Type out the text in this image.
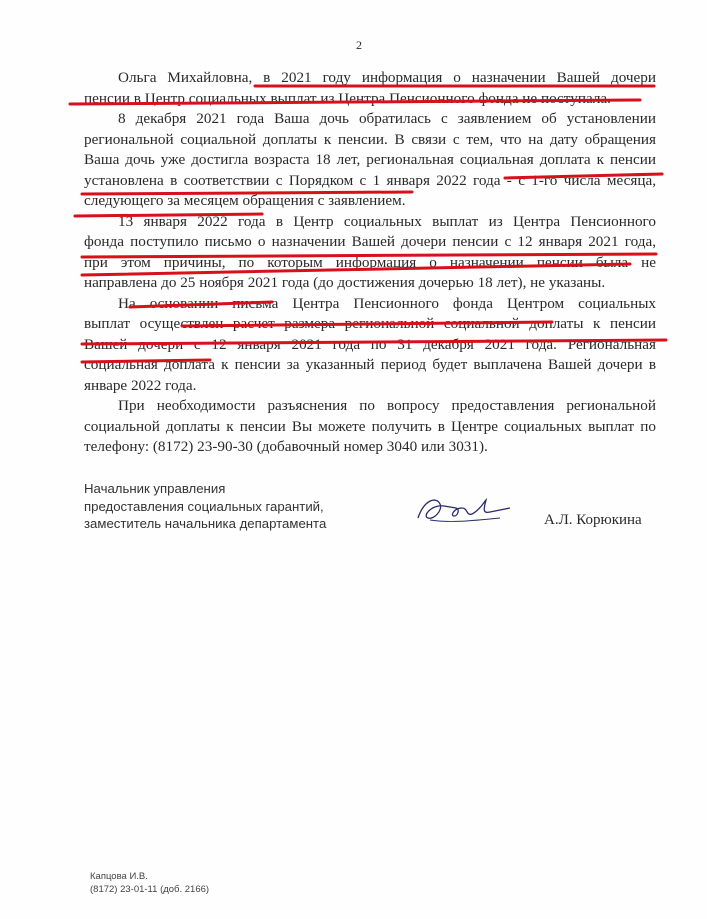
2
Ольга Михайловна, в 2021 году информация о назначении Вашей дочери
пенсии в Центр социальных выплат из Центра Пенсионного фонда не поступала.
8 декабря 2021 года Ваша дочь обратилась с заявлением об установлении
региональной социальной доплаты к пенсии. В связи с тем, что на дату обращения
Ваша дочь уже достигла возраста 18 лет, региональная социальная доплата к пенсии
установлена в соответствии с Порядком с 1 января 2022 года - с 1-го числа месяца,
следующего за месяцем обращения с заявлением.
13 января 2022 года в Центр социальных выплат из Центра Пенсионного
фонда поступило письмо о назначении Вашей дочери пенсии с 12 января 2021 года,
при этом причины, по которым информация о назначении пенсии была не
направлена до 25 ноября 2021 года (до достижения дочерью 18 лет), не указаны.
На основании письма Центра Пенсионного фонда Центром социальных
выплат осуществлен расчет размера региональной социальной доплаты к пенсии
Вашей дочери с 12 января 2021 года по 31 декабря 2021 года. Региональная
социальная доплата к пенсии за указанный период будет выплачена Вашей дочери в
январе 2022 года.
При необходимости разъяснения по вопросу предоставления региональной
социальной доплаты к пенсии Вы можете получить в Центре социальных выплат по
телефону: (8172) 23-90-30 (добавочный номер 3040 или 3031).
Начальник управления
предоставления социальных гарантий,
заместитель начальника департамента	А.Л. Корюкина
Капцова И.В.
(8172) 23-01-11 (доб. 2166)
